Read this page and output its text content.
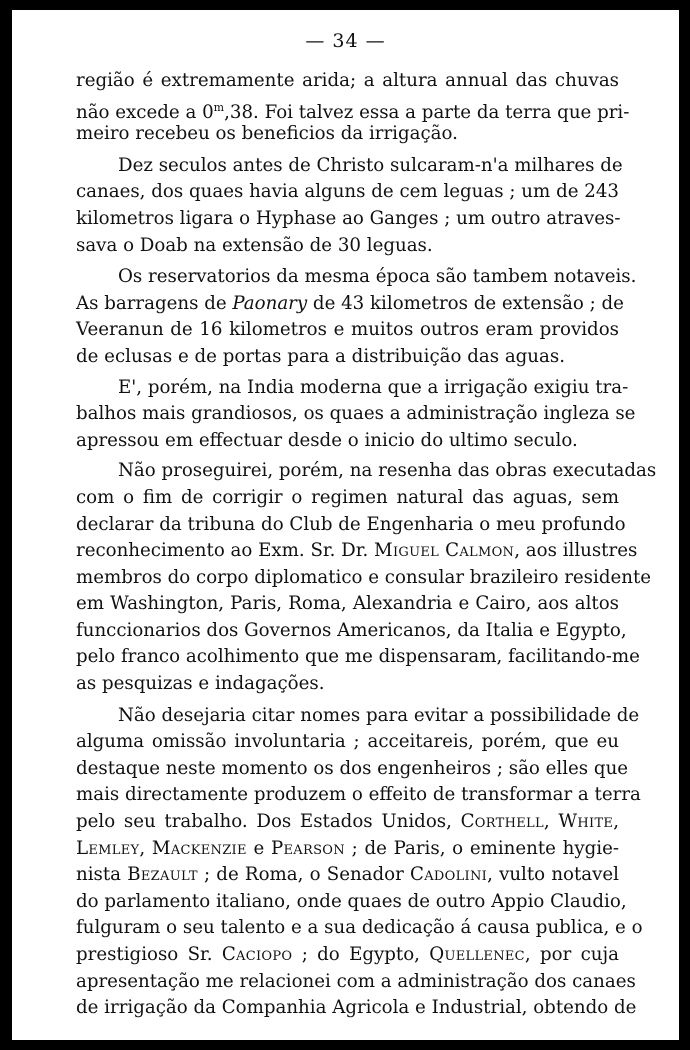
— 34 —
região é extremamente arida; a altura annual das chuvas
não excede a 0$^m$,38. Foi talvez essa a parte da terra que pri-
meiro recebeu os beneficios da irrigação.
Dez seculos antes de Christo sulcaram-n'a milhares de
canaes, dos quaes havia alguns de cem leguas ; um de 243
kilometros ligara o Hyphase ao Ganges ; um outro atraves-
sava o Doab na extensão de 30 leguas.
Os reservatorios da mesma época são tambem notaveis.
As barragens de Paonary de 43 kilometros de extensão ; de
Veeranun de 16 kilometros e muitos outros eram providos
de eclusas e de portas para a distribuição das aguas.
E', porém, na India moderna que a irrigação exigiu tra-
balhos mais grandiosos, os quaes a administração ingleza se
apressou em effectuar desde o inicio do ultimo seculo.
Não proseguirei, porém, na resenha das obras executadas
com o fim de corrigir o regimen natural das aguas, sem
declarar da tribuna do Club de Engenharia o meu profundo
reconhecimento ao Exm. Sr. Dr. Miguel Calmon, aos illustres
membros do corpo diplomatico e consular brazileiro residente
em Washington, Paris, Roma, Alexandria e Cairo, aos altos
funccionarios dos Governos Americanos, da Italia e Egypto,
pelo franco acolhimento que me dispensaram, facilitando-me
as pesquizas e indagações.
Não desejaria citar nomes para evitar a possibilidade de
alguma omissão involuntaria ; acceitareis, porém, que eu
destaque neste momento os dos engenheiros ; são elles que
mais directamente produzem o effeito de transformar a terra
pelo seu trabalho. Dos Estados Unidos, Corthell, White,
Lemley, Mackenzie e Pearson ; de Paris, o eminente hygie-
nista Bezault ; de Roma, o Senador Cadolini, vulto notavel
do parlamento italiano, onde quaes de outro Appio Claudio,
fulguram o seu talento e a sua dedicação á causa publica, e o
prestigioso Sr. Caciopo ; do Egypto, Quellenec, por cuja
apresentação me relacionei com a administração dos canaes
de irrigação da Companhia Agricola e Industrial, obtendo de
